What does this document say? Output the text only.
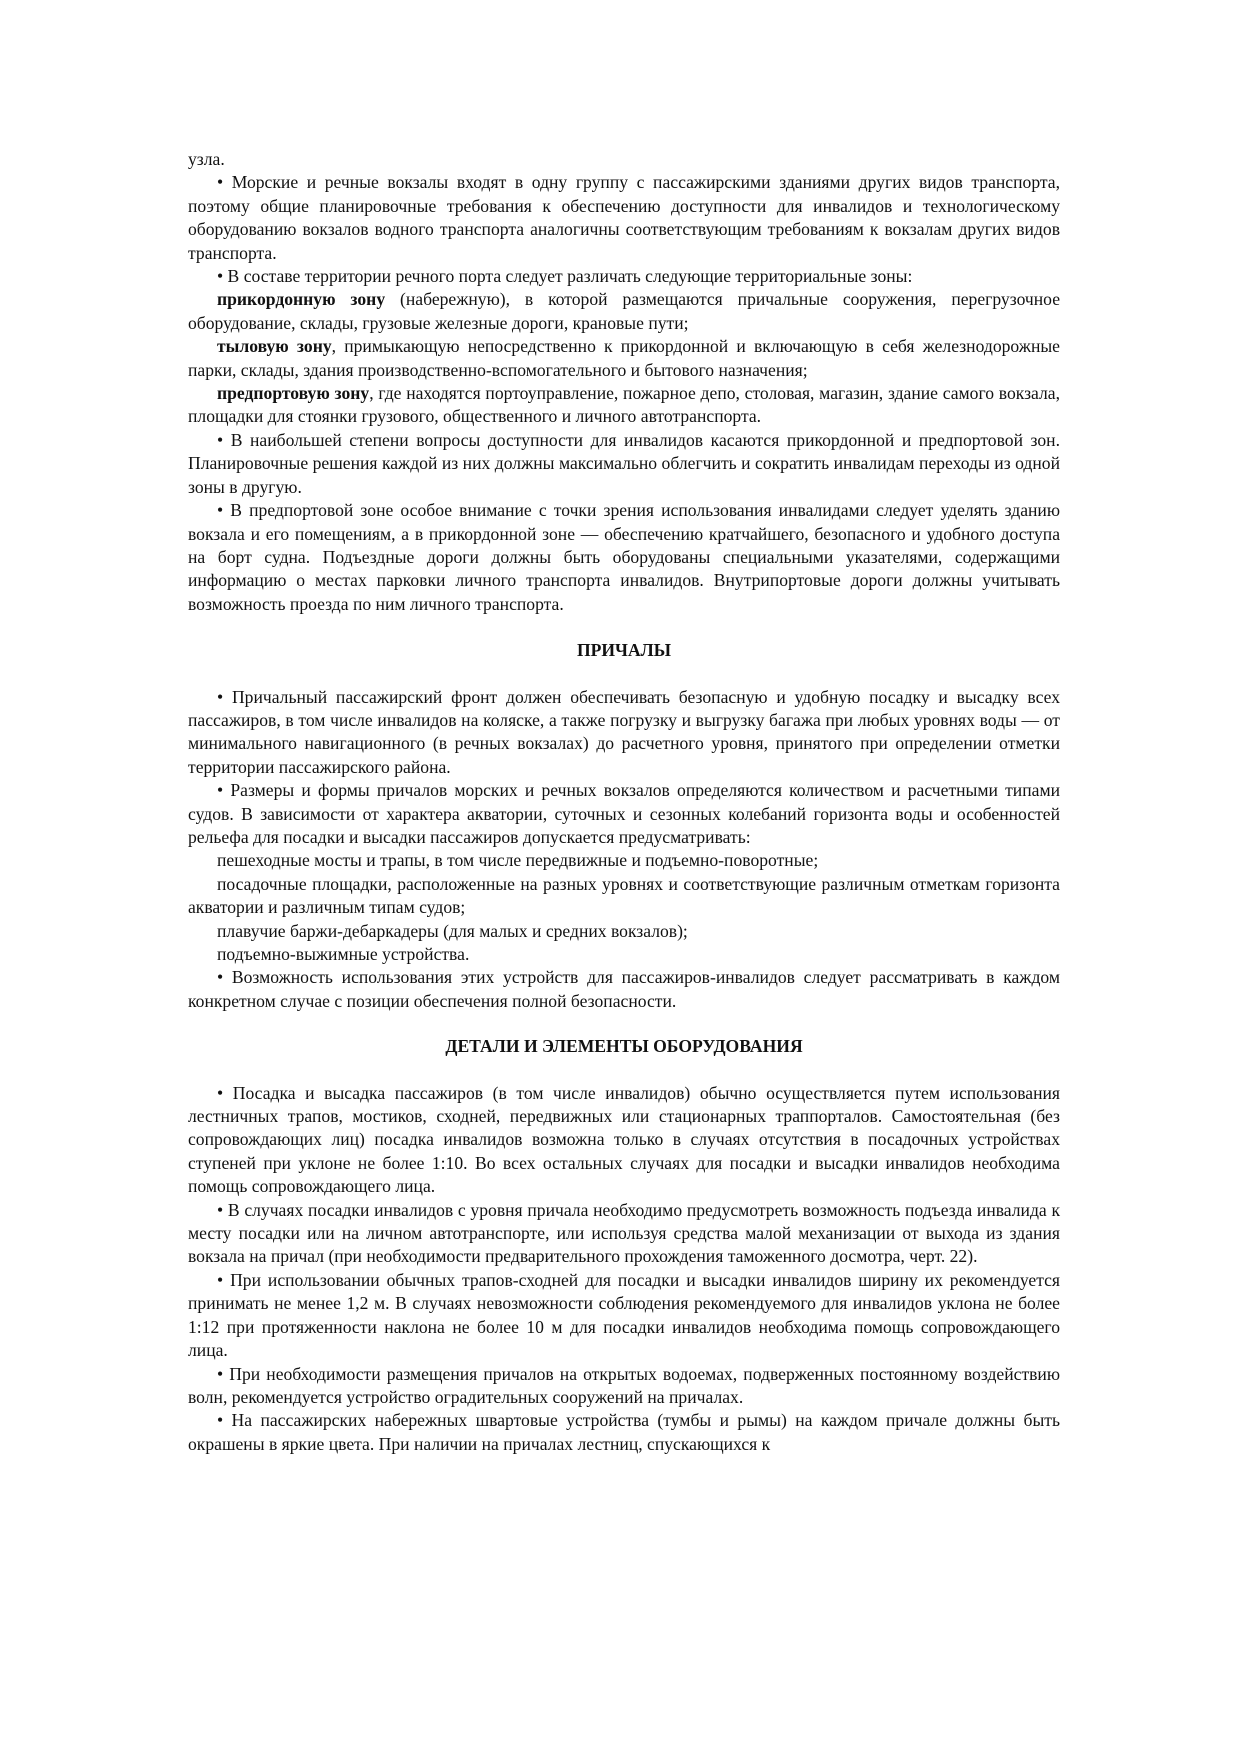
узла.

• Морские и речные вокзалы входят в одну группу с пассажирскими зданиями других видов транспорта, поэтому общие планировочные требования к обеспечению доступности для инвалидов и технологическому оборудованию вокзалов водного транспорта аналогичны соответствующим требованиям к вокзалам других видов транспорта.

• В составе территории речного порта следует различать следующие территориальные зоны:

прикордонную зону (набережную), в которой размещаются причальные сооружения, перегрузочное оборудование, склады, грузовые железные дороги, крановые пути;

тыловую зону, примыкающую непосредственно к прикордонной и включающую в себя железнодорожные парки, склады, здания производственно-вспомогательного и бытового назначения;

предпортовую зону, где находятся портоуправление, пожарное депо, столовая, магазин, здание самого вокзала, площадки для стоянки грузового, общественного и личного автотранспорта.

• В наибольшей степени вопросы доступности для инвалидов касаются прикордонной и предпортовой зон. Планировочные решения каждой из них должны максимально облегчить и сократить инвалидам переходы из одной зоны в другую.

• В предпортовой зоне особое внимание с точки зрения использования инвалидами следует уделять зданию вокзала и его помещениям, а в прикордонной зоне — обеспечению кратчайшего, безопасного и удобного доступа на борт судна. Подъездные дороги должны быть оборудованы специальными указателями, содержащими информацию о местах парковки личного транспорта инвалидов. Внутрипортовые дороги должны учитывать возможность проезда по ним личного транспорта.

ПРИЧАЛЫ

• Причальный пассажирский фронт должен обеспечивать безопасную и удобную посадку и высадку всех пассажиров, в том числе инвалидов на коляске, а также погрузку и выгрузку багажа при любых уровнях воды — от минимального навигационного (в речных вокзалах) до расчетного уровня, принятого при определении отметки территории пассажирского района.

• Размеры и формы причалов морских и речных вокзалов определяются количеством и расчетными типами судов. В зависимости от характера акватории, суточных и сезонных колебаний горизонта воды и особенностей рельефа для посадки и высадки пассажиров допускается предусматривать:

пешеходные мосты и трапы, в том числе передвижные и подъемно-поворотные;

посадочные площадки, расположенные на разных уровнях и соответствующие различным отметкам горизонта акватории и различным типам судов;

плавучие баржи-дебаркадеры (для малых и средних вокзалов);

подъемно-выжимные устройства.

• Возможность использования этих устройств для пассажиров-инвалидов следует рассматривать в каждом конкретном случае с позиции обеспечения полной безопасности.

ДЕТАЛИ И ЭЛЕМЕНТЫ ОБОРУДОВАНИЯ

• Посадка и высадка пассажиров (в том числе инвалидов) обычно осуществляется путем использования лестничных трапов, мостиков, сходней, передвижных или стационарных траппорталов. Самостоятельная (без сопровождающих лиц) посадка инвалидов возможна только в случаях отсутствия в посадочных устройствах ступеней при уклоне не более 1:10. Во всех остальных случаях для посадки и высадки инвалидов необходима помощь сопровождающего лица.

• В случаях посадки инвалидов с уровня причала необходимо предусмотреть возможность подъезда инвалида к месту посадки или на личном автотранспорте, или используя средства малой механизации от выхода из здания вокзала на причал (при необходимости предварительного прохождения таможенного досмотра, черт. 22).

• При использовании обычных трапов-сходней для посадки и высадки инвалидов ширину их рекомендуется принимать не менее 1,2 м. В случаях невозможности соблюдения рекомендуемого для инвалидов уклона не более 1:12 при протяженности наклона не более 10 м для посадки инвалидов необходима помощь сопровождающего лица.

• При необходимости размещения причалов на открытых водоемах, подверженных постоянному воздействию волн, рекомендуется устройство оградительных сооружений на причалах.

• На пассажирских набережных швартовые устройства (тумбы и рымы) на каждом причале должны быть окрашены в яркие цвета. При наличии на причалах лестниц, спускающихся к
